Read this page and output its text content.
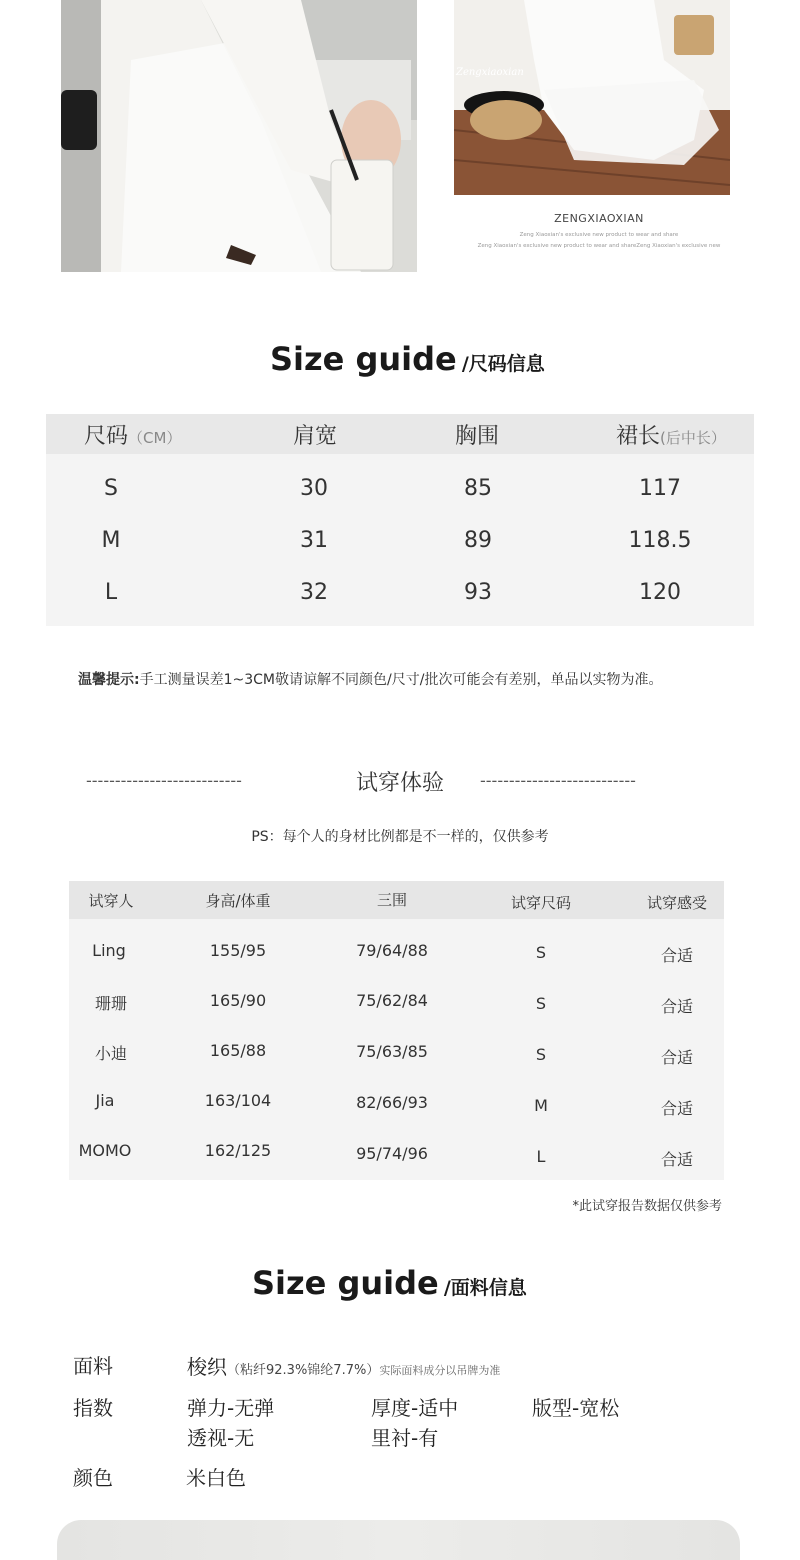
Zengxiaoxian
ZENGXIAOXIAN
Zeng Xiaoxian's exclusive new product to wear and share
Zeng Xiaoxian's exclusive new product to wear and shareZeng Xiaoxian's exclusive new
Size guide /尺码信息
尺码（CM）	肩宽	胸围	裙长(后中长）
S	30	85	117
M	31	89	118.5
L	32	93	120
温馨提示:手工测量误差1~3CM敬请谅解不同颜色/尺寸/批次可能会有差别，单品以实物为准。
---------------------------	试穿体验	---------------------------
PS：每个人的身材比例都是不一样的，仅供参考
试穿人	身高/体重	三围	试穿尺码	试穿感受
Ling	155/95	79/64/88	S	合适
珊珊	165/90	75/62/84	S	合适
小迪	165/88	75/63/85	S	合适
Jia	163/104	82/66/93	M	合适
MOMO	162/125	95/74/96	L	合适
*此试穿报告数据仅供参考
Size guide /面料信息
面料	梭织（粘纤92.3%锦纶7.7%）实际面料成分以吊牌为准
指数	弹力-无弹	厚度-适中	版型-宽松
透视-无	里衬-有
颜色	米白色
